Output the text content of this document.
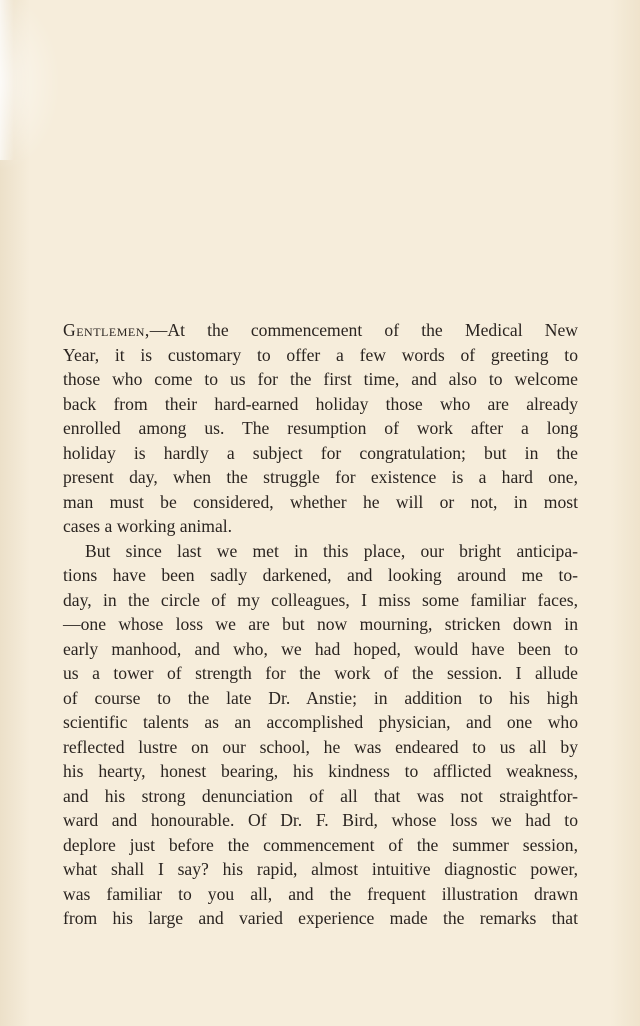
Gentlemen,—At the commencement of the Medical New
Year, it is customary to offer a few words of greeting to
those who come to us for the first time, and also to welcome
back from their hard-earned holiday those who are already
enrolled among us. The resumption of work after a long
holiday is hardly a subject for congratulation; but in the
present day, when the struggle for existence is a hard one,
man must be considered, whether he will or not, in most
cases a working animal.
But since last we met in this place, our bright anticipa-
tions have been sadly darkened, and looking around me to-
day, in the circle of my colleagues, I miss some familiar faces,
—one whose loss we are but now mourning, stricken down in
early manhood, and who, we had hoped, would have been to
us a tower of strength for the work of the session. I allude
of course to the late Dr. Anstie; in addition to his high
scientific talents as an accomplished physician, and one who
reflected lustre on our school, he was endeared to us all by
his hearty, honest bearing, his kindness to afflicted weakness,
and his strong denunciation of all that was not straightfor-
ward and honourable. Of Dr. F. Bird, whose loss we had to
deplore just before the commencement of the summer session,
what shall I say? his rapid, almost intuitive diagnostic power,
was familiar to you all, and the frequent illustration drawn
from his large and varied experience made the remarks that
